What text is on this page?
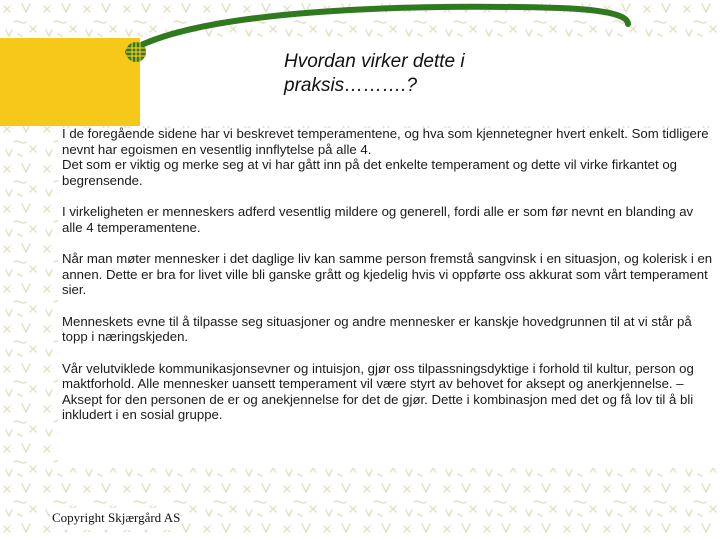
Hvordan virker dette i
praksis……….?

I de foregående sidene har vi beskrevet temperamentene, og hva som kjennetegner hvert enkelt. Som tidligere nevnt har egoismen en vesentlig innflytelse på alle 4.
Det som er viktig og merke seg at vi har gått inn på det enkelte temperament og dette vil virke firkantet og begrensende.

I virkeligheten er menneskers adferd vesentlig mildere og generell, fordi alle er som før nevnt en blanding av alle 4 temperamentene.

Når man møter mennesker i det daglige liv kan samme person fremstå sangvinsk i en situasjon, og kolerisk i en annen. Dette er bra for livet ville bli ganske grått og kjedelig hvis vi oppførte oss akkurat som vårt temperament sier.

Menneskets evne til å tilpasse seg situasjoner og andre mennesker er kanskje hovedgrunnen til at vi står på topp i næringskjeden.

Vår velutviklede kommunikasjonsevner og intuisjon, gjør oss tilpassningsdyktige i forhold til kultur, person og maktforhold. Alle mennesker uansett temperament vil være styrt av behovet for aksept og anerkjennelse. – Aksept for den personen de er og anekjennelse for det de gjør. Dette i kombinasjon med det og få lov til å bli inkludert i en sosial gruppe.

Copyright Skjærgård AS
